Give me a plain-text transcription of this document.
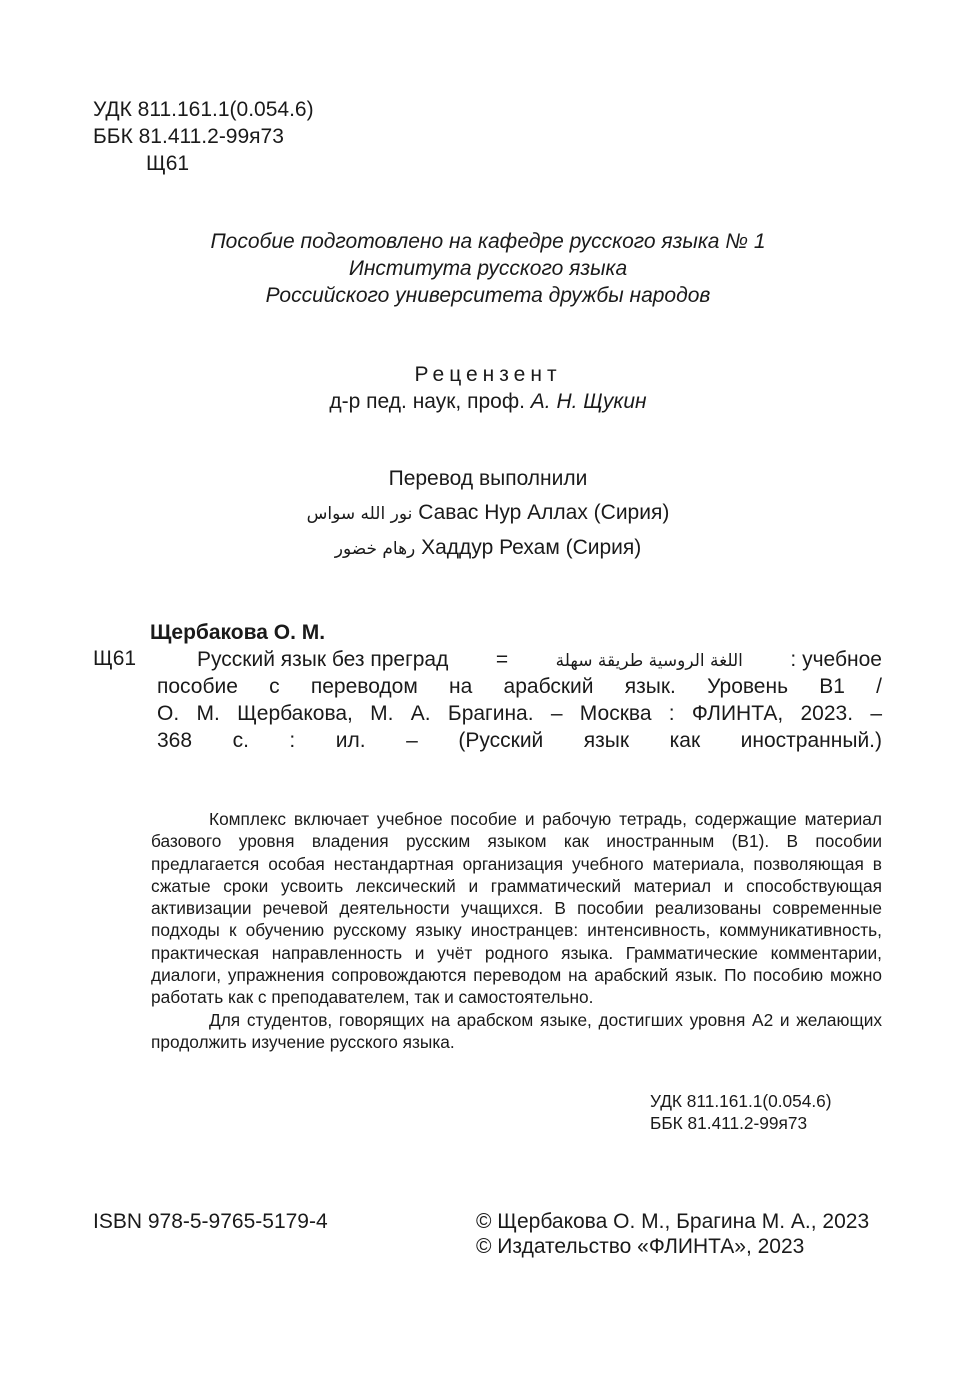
УДК 811.161.1(0.054.6)
ББК 81.411.2-99я73
Щ61
Пособие подготовлено на кафедре русского языка № 1
Института русского языка
Российского университета дружбы народов
Рецензент
д-р пед. наук, проф. А. Н. Щукин
Перевод выполнили
نور الله سواس Савас Нур Аллах (Сирия)
رهام خضور Хаддур Рехам (Сирия)
Щербакова О. М.
Щ61	Русский язык без преград =	اللغة الروسية طريقة سهلة : учебное
пособие с переводом на арабский язык. Уровень В1 /
О. М. Щербакова, М. А. Брагина. – Москва : ФЛИНТА, 2023. –
368 с. : ил. – (Русский язык как иностранный.)

Комплекс включает учебное пособие и рабочую тетрадь, содержащие материал базового уровня владения русским языком как иностранным (В1). В пособии предлагается особая нестандартная организация учебного материала, позволяющая в сжатые сроки усвоить лексический и грамматический материал и способствующая активизации речевой деятельности учащихся. В пособии реализованы современные подходы к обучению русскому языку иностранцев: интенсивность, коммуникативность, практическая направленность и учёт родного языка. Грамматические комментарии, диалоги, упражнения сопровождаются переводом на арабский язык. По пособию можно работать как с преподавателем, так и самостоятельно.

Для студентов, говорящих на арабском языке, достигших уровня А2 и желающих продолжить изучение русского языка.

УДК 811.161.1(0.054.6)
ББК 81.411.2-99я73
ISBN 978-5-9765-5179-4	© Щербакова О. М., Брагина М. А., 2023
© Издательство «ФЛИНТА», 2023
